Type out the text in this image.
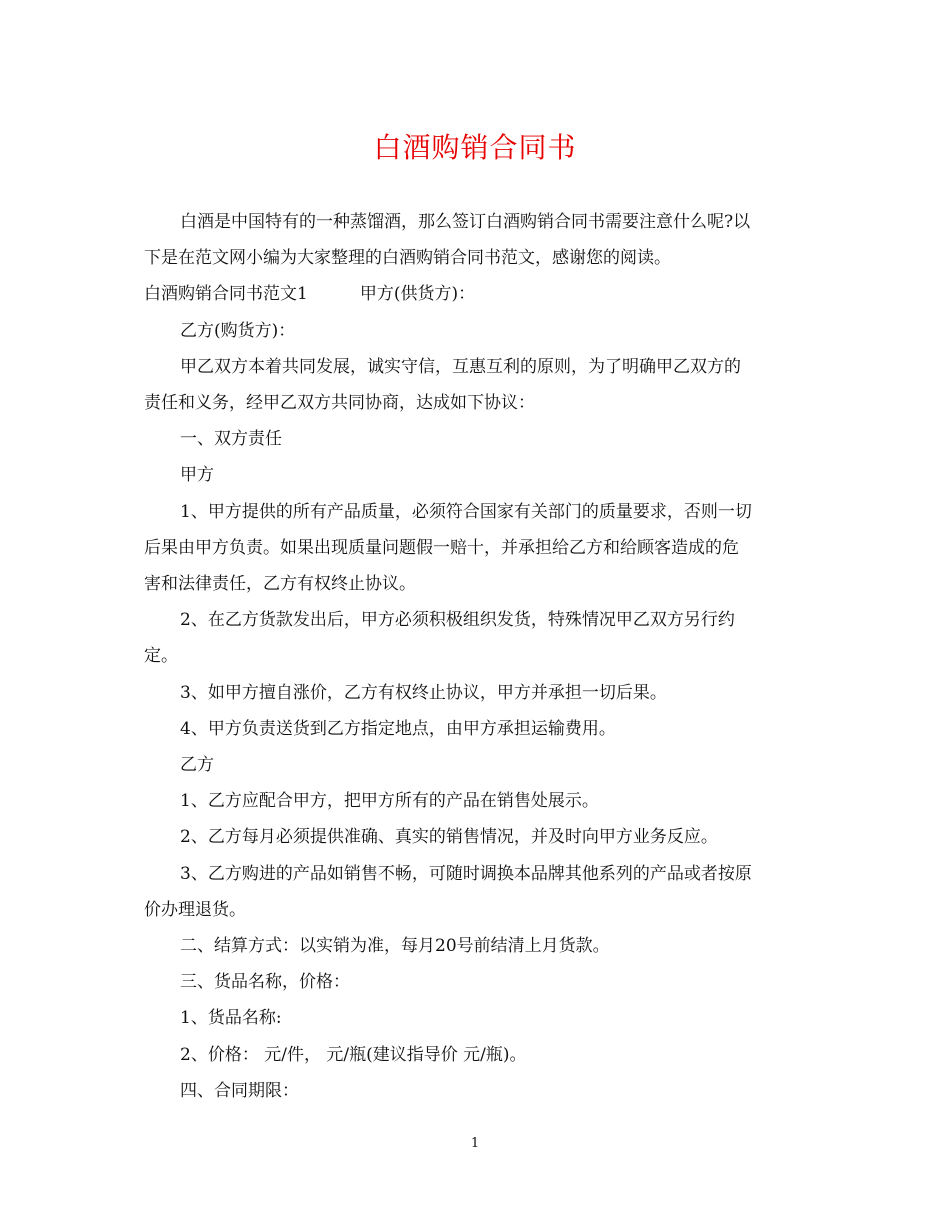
白酒购销合同书

白酒是中国特有的一种蒸馏酒，那么签订白酒购销合同书需要注意什么呢?以

下是在范文网小编为大家整理的白酒购销合同书范文，感谢您的阅读。

白酒购销合同书范文1	甲方(供货方)：

乙方(购货方)：

甲乙双方本着共同发展，诚实守信，互惠互利的原则，为了明确甲乙双方的

责任和义务，经甲乙双方共同协商，达成如下协议：

一、双方责任

甲方

1、甲方提供的所有产品质量，必须符合国家有关部门的质量要求，否则一切

后果由甲方负责。如果出现质量问题假一赔十，并承担给乙方和给顾客造成的危

害和法律责任，乙方有权终止协议。

2、在乙方货款发出后，甲方必须积极组织发货，特殊情况甲乙双方另行约

定。

3、如甲方擅自涨价，乙方有权终止协议，甲方并承担一切后果。

4、甲方负责送货到乙方指定地点，由甲方承担运输费用。

乙方

1、乙方应配合甲方，把甲方所有的产品在销售处展示。

2、乙方每月必须提供准确、真实的销售情况，并及时向甲方业务反应。

3、乙方购进的产品如销售不畅，可随时调换本品牌其他系列的产品或者按原

价办理退货。

二、结算方式：以实销为准，每月20号前结清上月货款。

三、货品名称，价格：

1、货品名称:

2、价格： 元/件， 元/瓶(建议指导价 元/瓶)。

四、合同期限：

1
